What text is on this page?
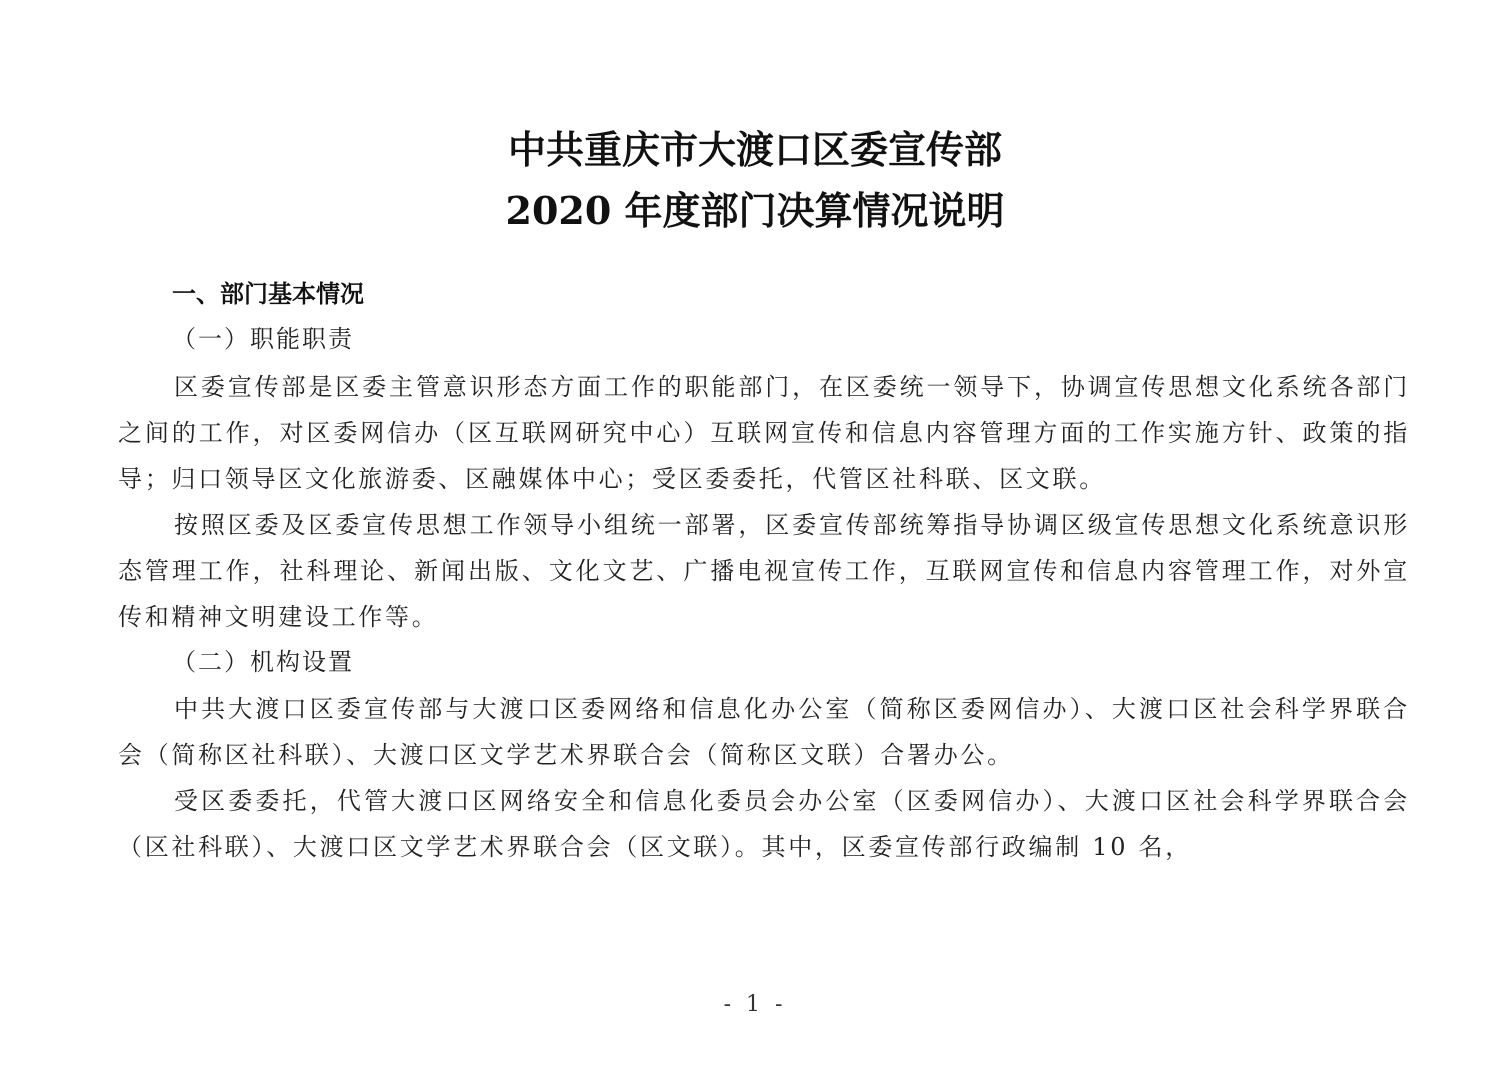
中共重庆市大渡口区委宣传部
2020 年度部门决算情况说明
一、部门基本情况
（一）职能职责

区委宣传部是区委主管意识形态方面工作的职能部门，在区委统一领导下，协调宣传思想文化系统各部门之间的工作，对区委网信办（区互联网研究中心）互联网宣传和信息内容管理方面的工作实施方针、政策的指导；归口领导区文化旅游委、区融媒体中心；受区委委托，代管区社科联、区文联。

按照区委及区委宣传思想工作领导小组统一部署，区委宣传部统筹指导协调区级宣传思想文化系统意识形态管理工作，社科理论、新闻出版、文化文艺、广播电视宣传工作，互联网宣传和信息内容管理工作，对外宣传和精神文明建设工作等。

（二）机构设置

中共大渡口区委宣传部与大渡口区委网络和信息化办公室（简称区委网信办）、大渡口区社会科学界联合会（简称区社科联）、大渡口区文学艺术界联合会（简称区文联）合署办公。

受区委委托，代管大渡口区网络安全和信息化委员会办公室（区委网信办）、大渡口区社会科学界联合会（区社科联）、大渡口区文学艺术界联合会（区文联）。其中，区委宣传部行政编制 10 名，

- 1 -
